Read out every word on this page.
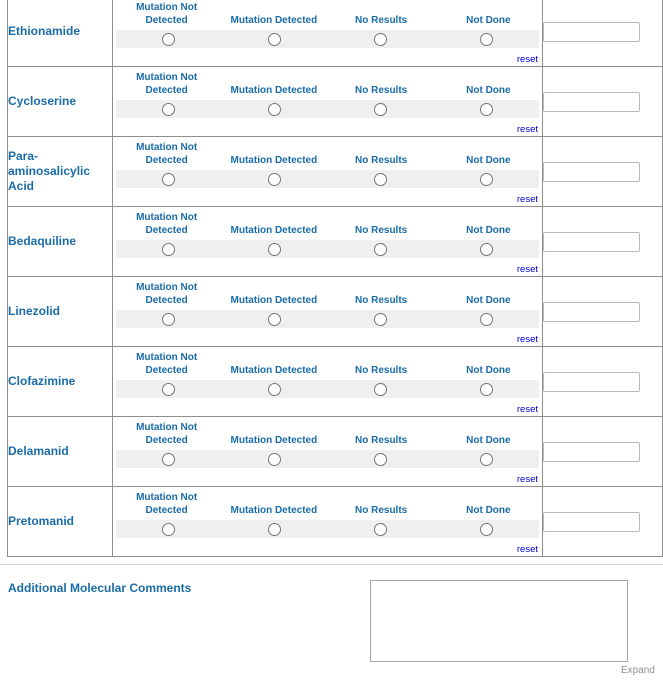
Ethionamide	Mutation Not Detected Mutation Detected No Results Not Done
reset

Cycloserine	Mutation Not Detected Mutation Detected No Results Not Done
reset

Para-aminosalicylic Acid	Mutation Not Detected Mutation Detected No Results Not Done
reset

Bedaquiline	Mutation Not Detected Mutation Detected No Results Not Done
reset

Linezolid	Mutation Not Detected Mutation Detected No Results Not Done
reset

Clofazimine	Mutation Not Detected Mutation Detected No Results Not Done
reset

Delamanid	Mutation Not Detected Mutation Detected No Results Not Done
reset

Pretomanid	Mutation Not Detected Mutation Detected No Results Not Done
reset

Additional Molecular Comments
Expand
